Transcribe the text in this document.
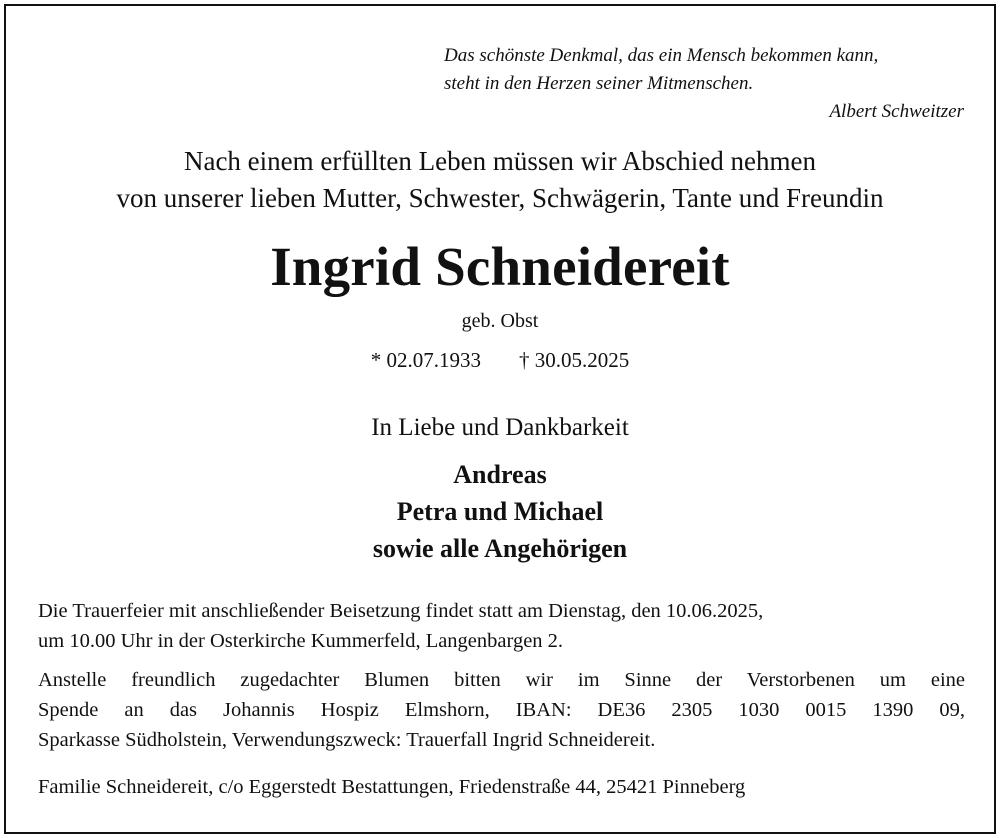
Das schönste Denkmal, das ein Mensch bekommen kann,
steht in den Herzen seiner Mitmenschen.
Albert Schweitzer
Nach einem erfüllten Leben müssen wir Abschied nehmen
von unserer lieben Mutter, Schwester, Schwägerin, Tante und Freundin
Ingrid Schneidereit
geb. Obst
* 02.07.1933 † 30.05.2025
In Liebe und Dankbarkeit
Andreas
Petra und Michael
sowie alle Angehörigen
Die Trauerfeier mit anschließender Beisetzung findet statt am Dienstag, den 10.06.2025,
um 10.00 Uhr in der Osterkirche Kummerfeld, Langenbargen 2.
Anstelle freundlich zugedachter Blumen bitten wir im Sinne der Verstorbenen um eine
Spende an das Johannis Hospiz Elmshorn, IBAN: DE36 2305 1030 0015 1390 09,
Sparkasse Südholstein, Verwendungszweck: Trauerfall Ingrid Schneidereit.
Familie Schneidereit, c/o Eggerstedt Bestattungen, Friedenstraße 44, 25421 Pinneberg
